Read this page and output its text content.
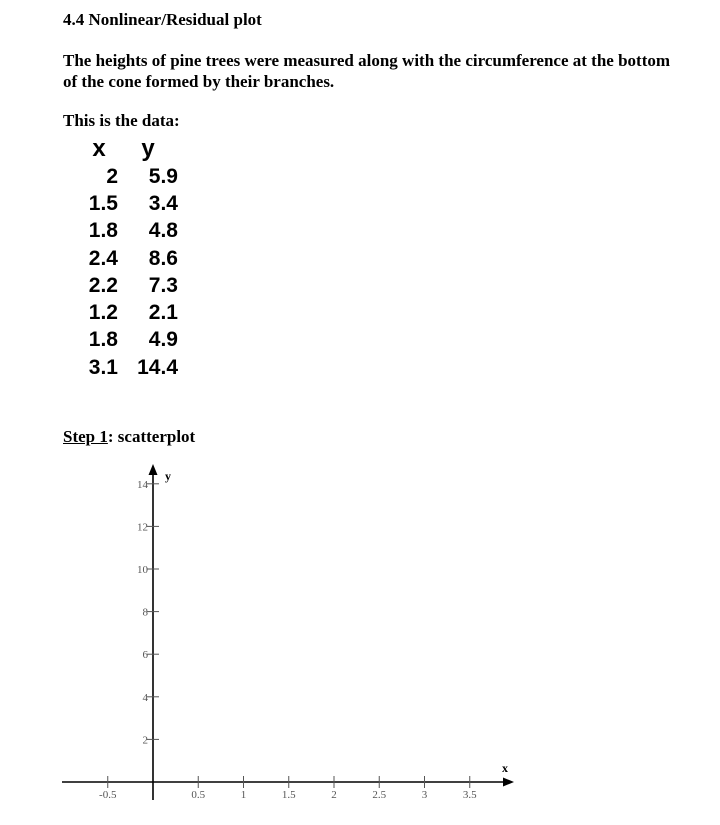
4.4 Nonlinear/Residual plot

The heights of pine trees were measured along with the circumference at the bottom of the cone formed by their branches.

This is the data:

x	y
2	5.9
1.5	3.4
1.8	4.8
2.4	8.6
2.2	7.3
1.2	2.1
1.8	4.9
3.1	14.4

Step 1: scatterplot

x
y
-0.5	0.5	1	1.5	2	2.5	3	3.5
2
4
6
8
10
12
14
